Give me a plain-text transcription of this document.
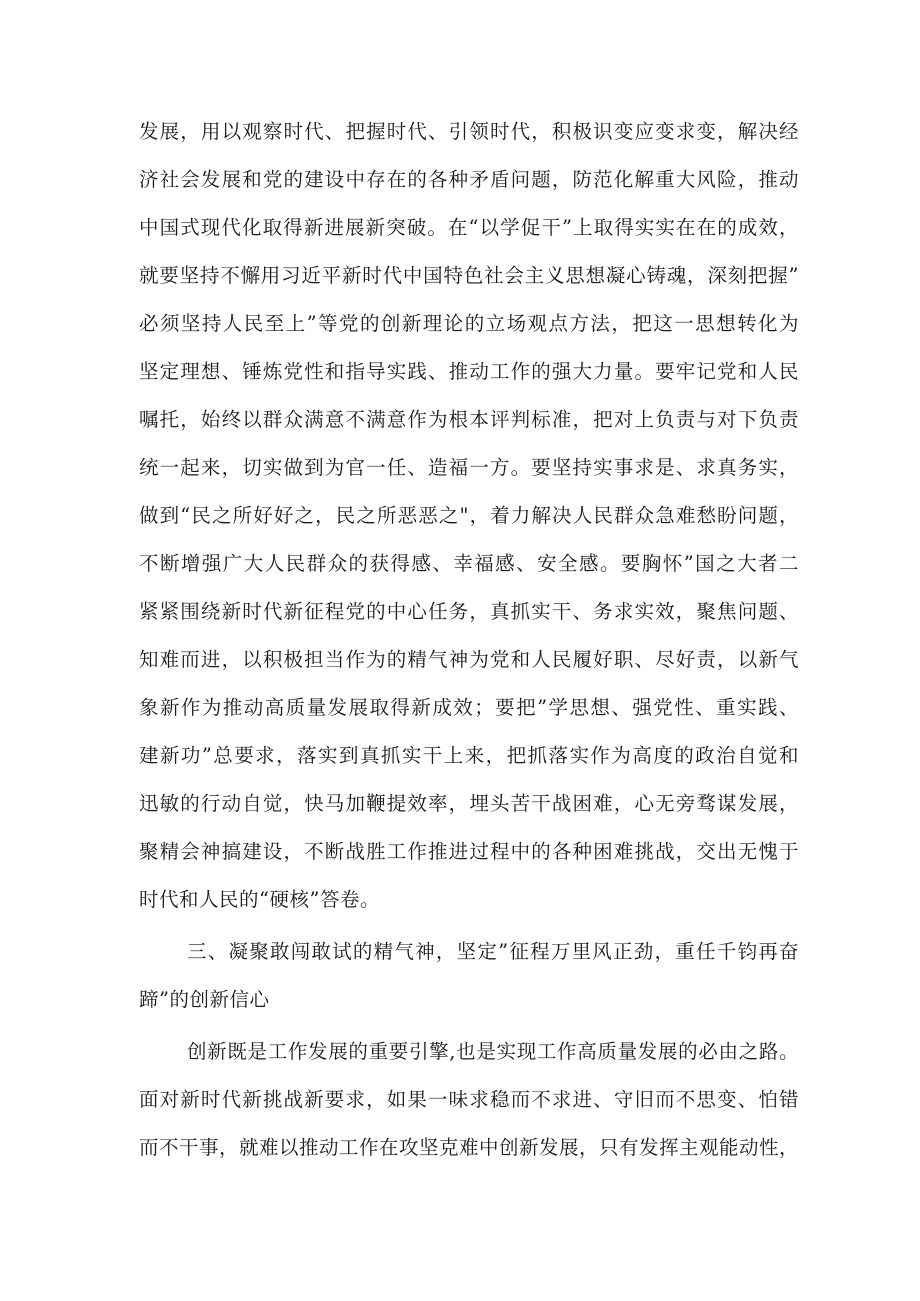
发展，用以观察时代、把握时代、引领时代，积极识变应变求变，解决经
济社会发展和党的建设中存在的各种矛盾问题，防范化解重大风险，推动
中国式现代化取得新进展新突破。在“以学促干”上取得实实在在的成效，
就要坚持不懈用习近平新时代中国特色社会主义思想凝心铸魂，深刻把握”
必须坚持人民至上”等党的创新理论的立场观点方法，把这一思想转化为
坚定理想、锤炼党性和指导实践、推动工作的强大力量。要牢记党和人民
嘱托，始终以群众满意不满意作为根本评判标准，把对上负责与对下负责
统一起来，切实做到为官一任、造福一方。要坚持实事求是、求真务实，
做到“民之所好好之，民之所恶恶之"，着力解决人民群众急难愁盼问题，
不断增强广大人民群众的获得感、幸福感、安全感。要胸怀”国之大者二
紧紧围绕新时代新征程党的中心任务，真抓实干、务求实效，聚焦问题、
知难而进，以积极担当作为的精气神为党和人民履好职、尽好责，以新气
象新作为推动高质量发展取得新成效；要把”学思想、强党性、重实践、
建新功”总要求，落实到真抓实干上来，把抓落实作为高度的政治自觉和
迅敏的行动自觉，快马加鞭提效率，埋头苦干战困难，心无旁骛谋发展，
聚精会神搞建设，不断战胜工作推进过程中的各种困难挑战，交出无愧于
时代和人民的“硬核”答卷。
三、凝聚敢闯敢试的精气神，坚定”征程万里风正劲，重任千钧再奋
蹄”的创新信心
创新既是工作发展的重要引擎,也是实现工作高质量发展的必由之路。
面对新时代新挑战新要求，如果一味求稳而不求进、守旧而不思变、怕错
而不干事，就难以推动工作在攻坚克难中创新发展，只有发挥主观能动性，
